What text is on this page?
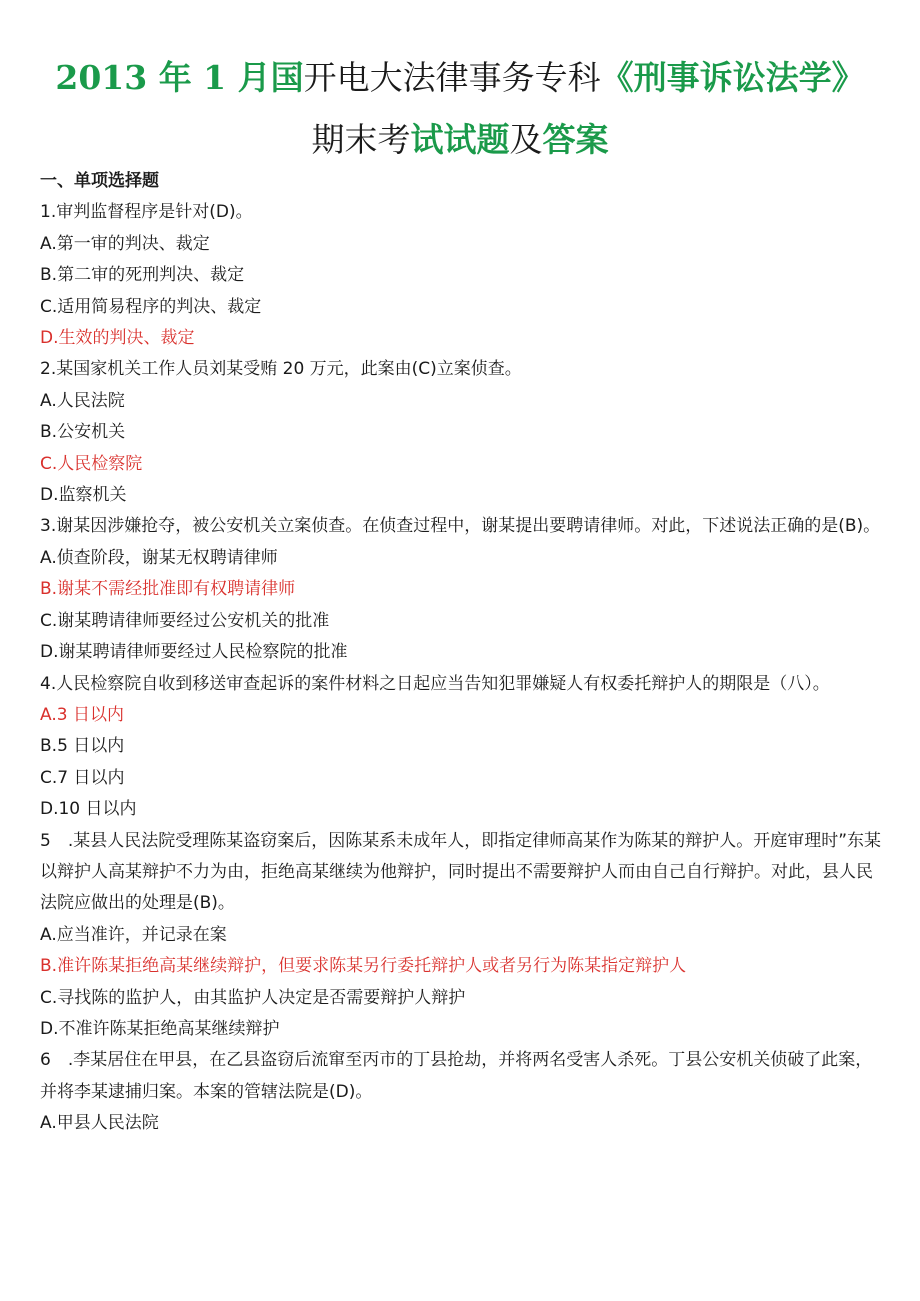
2013 年 1 月国开电大法律事务专科《刑事诉讼法学》
期末考试试题及答案
一、单项选择题
1.审判监督程序是针对(D)。
A.第一审的判决、裁定
B.第二审的死刑判决、裁定
C.适用简易程序的判决、裁定
D.生效的判决、裁定
2.某国家机关工作人员刘某受贿 20 万元，此案由(C)立案侦查。
A.人民法院
B.公安机关
C.人民检察院
D.监察机关
3.谢某因涉嫌抢夺，被公安机关立案侦查。在侦查过程中，谢某提出要聘请律师。对此，下述说法正确的是(B)。
A.侦查阶段，谢某无权聘请律师
B.谢某不需经批准即有权聘请律师
C.谢某聘请律师要经过公安机关的批准
D.谢某聘请律师要经过人民检察院的批准
4.人民检察院自收到移送审查起诉的案件材料之日起应当告知犯罪嫌疑人有权委托辩护人的期限是（八）。
A.3 日以内
B.5 日以内
C.7 日以内
D.10 日以内
5　.某县人民法院受理陈某盗窃案后，因陈某系未成年人，即指定律师高某作为陈某的辩护人。开庭审理时”东某以辩护人高某辩护不力为由，拒绝高某继续为他辩护，同时提出不需要辩护人而由自己自行辩护。对此，县人民法院应做出的处理是(B)。
A.应当准许，并记录在案
B.准许陈某拒绝高某继续辩护，但要求陈某另行委托辩护人或者另行为陈某指定辩护人
C.寻找陈的监护人，由其监护人决定是否需要辩护人辩护
D.不准许陈某拒绝高某继续辩护
6　.李某居住在甲县，在乙县盗窃后流窜至丙市的丁县抢劫，并将两名受害人杀死。丁县公安机关侦破了此案，并将李某逮捕归案。本案的管辖法院是(D)。
A.甲县人民法院
